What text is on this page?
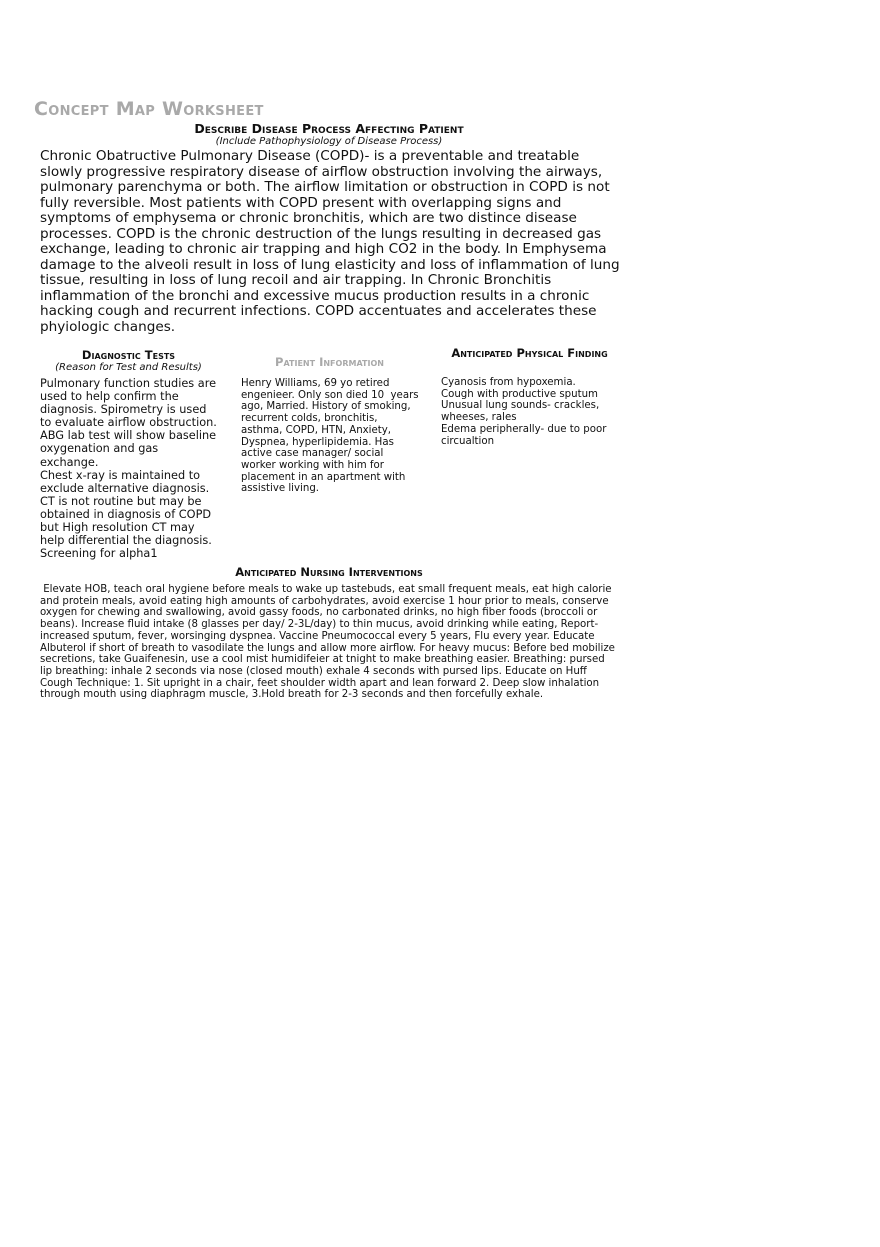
Concept Map Worksheet
Describe Disease Process Affecting Patient
(Include Pathophysiology of Disease Process)
Chronic Obatructive Pulmonary Disease (COPD)- is a preventable and treatable slowly progressive respiratory disease of airflow obstruction involving the airways, pulmonary parenchyma or both. The airflow limitation or obstruction in COPD is not fully reversible. Most patients with COPD present with overlapping signs and symptoms of emphysema or chronic bronchitis, which are two distince disease processes. COPD is the chronic destruction of the lungs resulting in decreased gas exchange, leading to chronic air trapping and high CO2 in the body. In Emphysema damage to the alveoli result in loss of lung elasticity and loss of inflammation of lung tissue, resulting in loss of lung recoil and air trapping. In Chronic Bronchitis inflammation of the bronchi and excessive mucus production results in a chronic hacking cough and recurrent infections. COPD accentuates and accelerates these phyiologic changes.
Diagnostic Tests
(Reason for Test and Results)
Pulmonary function studies are used to help confirm the diagnosis. Spirometry is used to evaluate airflow obstruction. ABG lab test will show baseline oxygenation and gas exchange.
Chest x-ray is maintained to exclude alternative diagnosis. CT is not routine but may be obtained in diagnosis of COPD but High resolution CT may help differential the diagnosis. Screening for alpha1
Patient Information
Henry Williams, 69 yo retired engenieer. Only son died 10  years ago, Married. History of smoking, recurrent colds, bronchitis, asthma, COPD, HTN, Anxiety, Dyspnea, hyperlipidemia. Has active case manager/ social worker working with him for placement in an apartment with assistive living.
Anticipated Physical Finding
Cyanosis from hypoxemia.
Cough with productive sputum
Unusual lung sounds- crackles, wheeses, rales
Edema peripherally- due to poor circualtion
Anticipated Nursing Interventions
Elevate HOB, teach oral hygiene before meals to wake up tastebuds, eat small frequent meals, eat high calorie and protein meals, avoid eating high amounts of carbohydrates, avoid exercise 1 hour prior to meals, conserve oxygen for chewing and swallowing, avoid gassy foods, no carbonated drinks, no high fiber foods (broccoli or beans). Increase fluid intake (8 glasses per day/ 2-3L/day) to thin mucus, avoid drinking while eating, Report- increased sputum, fever, worsinging dyspnea. Vaccine Pneumococcal every 5 years, Flu every year. Educate Albuterol if short of breath to vasodilate the lungs and allow more airflow. For heavy mucus: Before bed mobilize secretions, take Guaifenesin, use a cool mist humidifeier at tnight to make breathing easier. Breathing: pursed lip breathing: inhale 2 seconds via nose (closed mouth) exhale 4 seconds with pursed lips. Educate on Huff Cough Technique: 1. Sit upright in a chair, feet shoulder width apart and lean forward 2. Deep slow inhalation through mouth using diaphragm muscle, 3.Hold breath for 2-3 seconds and then forcefully exhale.
